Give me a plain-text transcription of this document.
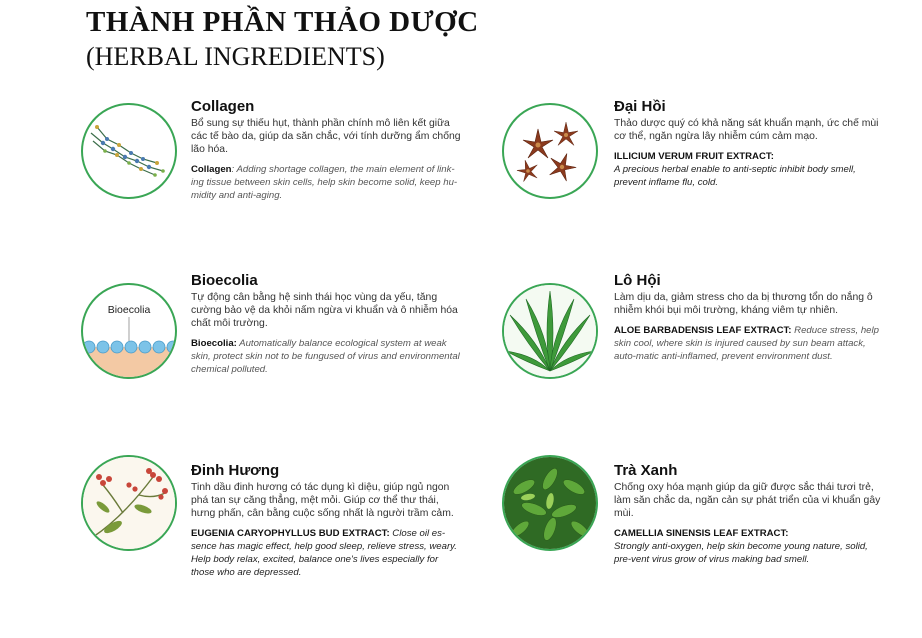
THÀNH PHẦN THẢO DƯỢC
(HERBAL INGREDIENTS)
Collagen

Bổ sung sự thiếu hụt, thành phần chính mô liên kết giữa các tế bào da, giúp da săn chắc, với tính dưỡng ẩm chống lão hóa.

Collagen: Adding shortage collagen, the main element of link-ing tissue between skin cells, help skin become solid, keep hu-midity and anti-aging.

Đại Hồi

Thảo dược quý có khả năng sát khuẩn mạnh, ức chế mùi cơ thể, ngăn ngừa lây nhiễm cúm cảm mạo.

ILLICIUM VERUM FRUIT EXTRACT:
A precious herbal enable to anti-septic inhibit body smell, prevent inflame flu, cold.

Bioecolia
Bioecolia

Tự động cân bằng hệ sinh thái học vùng da yếu, tăng cường bảo vệ da khỏi nấm ngừa vi khuẩn và ô nhiễm hóa chất môi trường.

Bioecolia: Automatically balance ecological system at weak skin, protect skin not to be fungused of virus and environmental chemical polluted.

Lô Hội

Làm dịu da, giảm stress cho da bị thương tổn do nắng ô nhiễm khói bụi môi trường, kháng viêm tự nhiên.

ALOE BARBADENSIS LEAF EXTRACT: Reduce stress, help skin cool, where skin is injured caused by sun beam attack, auto-matic anti-inflamed, prevent environment dust.

Đinh Hương

Tinh dầu đinh hương có tác dụng kì diệu, giúp ngủ ngon phá tan sự căng thẳng, mệt mỏi. Giúp cơ thể thư thái, hưng phấn, cân bằng cuộc sống nhất là người trầm cảm.

EUGENIA CARYOPHYLLUS BUD EXTRACT: Close oil es-sence has magic effect, help good sleep, relieve stress, weary. Help body relax, excited, balance one's lives especially for those who are depressed.

Trà Xanh

Chống oxy hóa mạnh giúp da giữ được sắc thái tươi trẻ, làm săn chắc da, ngăn cản sự phát triển của vi khuẩn gây mùi.

CAMELLIA SINENSIS LEAF EXTRACT:
Strongly anti-oxygen, help skin become young nature, solid, pre-vent virus grow of virus making bad smell.
